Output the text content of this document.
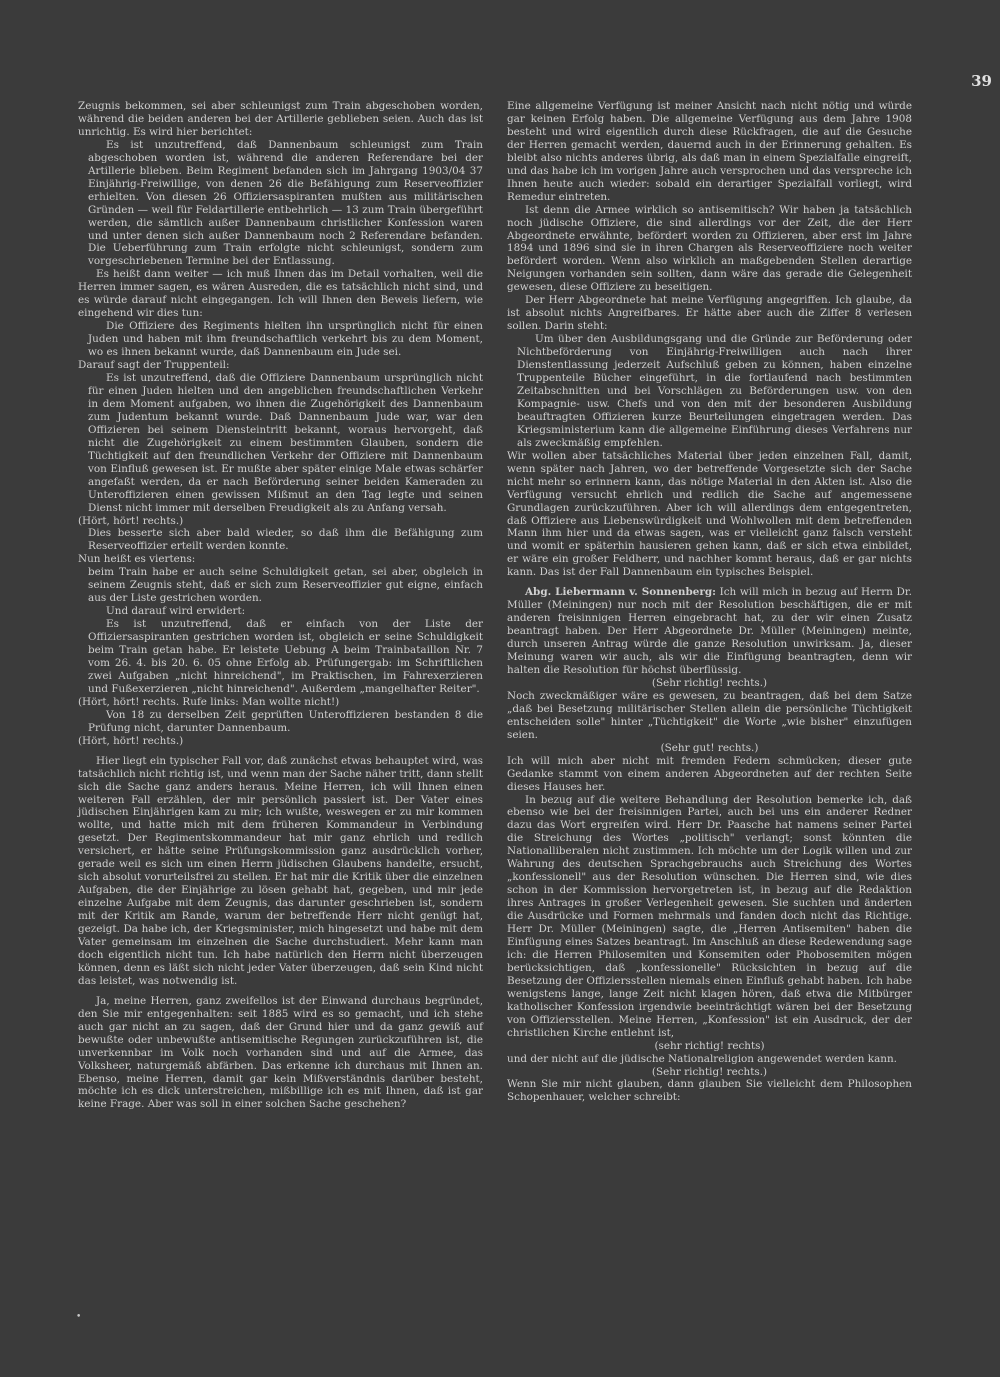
39

Zeugnis bekommen, sei aber schleunigst zum Train abgeschoben worden, während die beiden anderen bei der Artillerie geblieben seien. Auch das ist unrichtig. Es wird hier berichtet:

Es ist unzutreffend, daß Dannenbaum schleunigst zum Train abgeschoben worden ist, während die anderen Referendare bei der Artillerie blieben. Beim Regiment befanden sich im Jahrgang 1903/04 37 Einjährig-Freiwillige, von denen 26 die Befähigung zum Reserveoffizier erhielten. Von diesen 26 Offiziersaspiranten mußten aus militärischen Gründen — weil für Feldartillerie entbehrlich — 13 zum Train übergeführt werden, die sämtlich außer Dannenbaum christlicher Konfession waren und unter denen sich außer Dannenbaum noch 2 Referendare befanden. Die Ueberführung zum Train erfolgte nicht schleunigst, sondern zum vorgeschriebenen Termine bei der Entlassung.

Es heißt dann weiter — ich muß Ihnen das im Detail vorhalten, weil die Herren immer sagen, es wären Ausreden, die es tatsächlich nicht sind, und es würde darauf nicht eingegangen. Ich will Ihnen den Beweis liefern, wie eingehend wir dies tun:

Die Offiziere des Regiments hielten ihn ursprünglich nicht für einen Juden und haben mit ihm freundschaftlich verkehrt bis zu dem Moment, wo es ihnen bekannt wurde, daß Dannenbaum ein Jude sei.

Darauf sagt der Truppenteil:

Es ist unzutreffend, daß die Offiziere Dannenbaum ursprünglich nicht für einen Juden hielten und den angeblichen freundschaftlichen Verkehr in dem Moment aufgaben, wo ihnen die Zugehörigkeit des Dannenbaum zum Judentum bekannt wurde. Daß Dannenbaum Jude war, war den Offizieren bei seinem Diensteintritt bekannt, woraus hervorgeht, daß nicht die Zugehörigkeit zu einem bestimmten Glauben, sondern die Tüchtigkeit auf den freundlichen Verkehr der Offiziere mit Dannenbaum von Einfluß gewesen ist. Er mußte aber später einige Male etwas schärfer angefaßt werden, da er nach Beförderung seiner beiden Kameraden zu Unteroffizieren einen gewissen Mißmut an den Tag legte und seinen Dienst nicht immer mit derselben Freudigkeit als zu Anfang versah.

(Hört, hört! rechts.)

Dies besserte sich aber bald wieder, so daß ihm die Befähigung zum Reserveoffizier erteilt werden konnte.

Nun heißt es viertens:

beim Train habe er auch seine Schuldigkeit getan, sei aber, obgleich in seinem Zeugnis steht, daß er sich zum Reserveoffizier gut eigne, einfach aus der Liste gestrichen worden.

Und darauf wird erwidert:

Es ist unzutreffend, daß er einfach von der Liste der Offiziersaspiranten gestrichen worden ist, obgleich er seine Schuldigkeit beim Train getan habe. Er leistete Uebung A beim Trainbataillon Nr. 7 vom 26. 4. bis 20. 6. 05 ohne Erfolg ab. Prüfungergab: im Schriftlichen zwei Aufgaben „nicht hinreichend", im Praktischen, im Fahrexerzieren und Fußexerzieren „nicht hinreichend". Außerdem „mangelhafter Reiter".

(Hört, hört! rechts. Rufe links: Man wollte nicht!)

Von 18 zu derselben Zeit geprüften Unteroffizieren bestanden 8 die Prüfung nicht, darunter Dannenbaum.

(Hört, hört! rechts.)

Hier liegt ein typischer Fall vor, daß zunächst etwas behauptet wird, was tatsächlich nicht richtig ist, und wenn man der Sache näher tritt, dann stellt sich die Sache ganz anders heraus. Meine Herren, ich will Ihnen einen weiteren Fall erzählen, der mir persönlich passiert ist. Der Vater eines jüdischen Einjährigen kam zu mir; ich wußte, weswegen er zu mir kommen wollte, und hatte mich mit dem früheren Kommandeur in Verbindung gesetzt. Der Regimentskommandeur hat mir ganz ehrlich und redlich versichert, er hätte seine Prüfungskommission ganz ausdrücklich vorher, gerade weil es sich um einen Herrn jüdischen Glaubens handelte, ersucht, sich absolut vorurteilsfrei zu stellen. Er hat mir die Kritik über die einzelnen Aufgaben, die der Einjährige zu lösen gehabt hat, gegeben, und mir jede einzelne Aufgabe mit dem Zeugnis, das darunter geschrieben ist, sondern mit der Kritik am Rande, warum der betreffende Herr nicht genügt hat, gezeigt. Da habe ich, der Kriegsminister, mich hingesetzt und habe mit dem Vater gemeinsam im einzelnen die Sache durchstudiert. Mehr kann man doch eigentlich nicht tun. Ich habe natürlich den Herrn nicht überzeugen können, denn es läßt sich nicht jeder Vater überzeugen, daß sein Kind nicht das leistet, was notwendig ist.

Ja, meine Herren, ganz zweifellos ist der Einwand durchaus begründet, den Sie mir entgegenhalten: seit 1885 wird es so gemacht, und ich stehe auch gar nicht an zu sagen, daß der Grund hier und da ganz gewiß auf bewußte oder unbewußte antisemitische Regungen zurückzuführen ist, die unverkennbar im Volk noch vorhanden sind und auf die Armee, das Volksheer, naturgemäß abfärben. Das erkenne ich durchaus mit Ihnen an. Ebenso, meine Herren, damit gar kein Mißverständnis darüber besteht, möchte ich es dick unterstreichen, mißbillige ich es mit Ihnen, daß ist gar keine Frage. Aber was soll in einer solchen Sache geschehen?

Eine allgemeine Verfügung ist meiner Ansicht nach nicht nötig und würde gar keinen Erfolg haben. Die allgemeine Verfügung aus dem Jahre 1908 besteht und wird eigentlich durch diese Rückfragen, die auf die Gesuche der Herren gemacht werden, dauernd auch in der Erinnerung gehalten. Es bleibt also nichts anderes übrig, als daß man in einem Spezialfalle eingreift, und das habe ich im vorigen Jahre auch versprochen und das verspreche ich Ihnen heute auch wieder: sobald ein derartiger Spezialfall vorliegt, wird Remedur eintreten.

Ist denn die Armee wirklich so antisemitisch? Wir haben ja tatsächlich noch jüdische Offiziere, die sind allerdings vor der Zeit, die der Herr Abgeordnete erwähnte, befördert worden zu Offizieren, aber erst im Jahre 1894 und 1896 sind sie in ihren Chargen als Reserveoffiziere noch weiter befördert worden. Wenn also wirklich an maßgebenden Stellen derartige Neigungen vorhanden sein sollten, dann wäre das gerade die Gelegenheit gewesen, diese Offiziere zu beseitigen.

Der Herr Abgeordnete hat meine Verfügung angegriffen. Ich glaube, da ist absolut nichts Angreifbares. Er hätte aber auch die Ziffer 8 verlesen sollen. Darin steht:

Um über den Ausbildungsgang und die Gründe zur Beförderung oder Nichtbeförderung von Einjährig-Freiwilligen auch nach ihrer Dienstentlassung jederzeit Aufschluß geben zu können, haben einzelne Truppenteile Bücher eingeführt, in die fortlaufend nach bestimmten Zeitabschnitten und bei Vorschlägen zu Beförderungen usw. von den Kompagnie- usw. Chefs und von den mit der besonderen Ausbildung beauftragten Offizieren kurze Beurteilungen eingetragen werden. Das Kriegsministerium kann die allgemeine Einführung dieses Verfahrens nur als zweckmäßig empfehlen.

Wir wollen aber tatsächliches Material über jeden einzelnen Fall, damit, wenn später nach Jahren, wo der betreffende Vorgesetzte sich der Sache nicht mehr so erinnern kann, das nötige Material in den Akten ist. Also die Verfügung versucht ehrlich und redlich die Sache auf angemessene Grundlagen zurückzuführen. Aber ich will allerdings dem entgegentreten, daß Offiziere aus Liebenswürdigkeit und Wohlwollen mit dem betreffenden Mann ihm hier und da etwas sagen, was er vielleicht ganz falsch versteht und womit er späterhin hausieren gehen kann, daß er sich etwa einbildet, er wäre ein großer Feldherr, und nachher kommt heraus, daß er gar nichts kann. Das ist der Fall Dannenbaum ein typisches Beispiel.

Abg. Liebermann v. Sonnenberg: Ich will mich in bezug auf Herrn Dr. Müller (Meiningen) nur noch mit der Resolution beschäftigen, die er mit anderen freisinnigen Herren eingebracht hat, zu der wir einen Zusatz beantragt haben. Der Herr Abgeordnete Dr. Müller (Meiningen) meinte, durch unseren Antrag würde die ganze Resolution unwirksam. Ja, dieser Meinung waren wir auch, als wir die Einfügung beantragten, denn wir halten die Resolution für höchst überflüssig.

(Sehr richtig! rechts.)

Noch zweckmäßiger wäre es gewesen, zu beantragen, daß bei dem Satze „daß bei Besetzung militärischer Stellen allein die persönliche Tüchtigkeit entscheiden solle" hinter „Tüchtigkeit" die Worte „wie bisher" einzufügen seien.

(Sehr gut! rechts.)

Ich will mich aber nicht mit fremden Federn schmücken; dieser gute Gedanke stammt von einem anderen Abgeordneten auf der rechten Seite dieses Hauses her.

In bezug auf die weitere Behandlung der Resolution bemerke ich, daß ebenso wie bei der freisinnigen Partei, auch bei uns ein anderer Redner dazu das Wort ergreifen wird. Herr Dr. Paasche hat namens seiner Partei die Streichung des Wortes „politisch" verlangt; sonst könnten die Nationalliberalen nicht zustimmen. Ich möchte um der Logik willen und zur Wahrung des deutschen Sprachgebrauchs auch Streichung des Wortes „konfessionell" aus der Resolution wünschen. Die Herren sind, wie dies schon in der Kommission hervorgetreten ist, in bezug auf die Redaktion ihres Antrages in großer Verlegenheit gewesen. Sie suchten und änderten die Ausdrücke und Formen mehrmals und fanden doch nicht das Richtige. Herr Dr. Müller (Meiningen) sagte, die „Herren Antisemiten" haben die Einfügung eines Satzes beantragt. Im Anschluß an diese Redewendung sage ich: die Herren Philosemiten und Konsemiten oder Phobosemiten mögen berücksichtigen, daß „konfessionelle" Rücksichten in bezug auf die Besetzung der Offiziersstellen niemals einen Einfluß gehabt haben. Ich habe wenigstens lange, lange Zeit nicht klagen hören, daß etwa die Mitbürger katholischer Konfession irgendwie beeinträchtigt wären bei der Besetzung von Offiziersstellen. Meine Herren, „Konfession" ist ein Ausdruck, der der christlichen Kirche entlehnt ist,

(sehr richtig! rechts)

und der nicht auf die jüdische Nationalreligion angewendet werden kann.

(Sehr richtig! rechts.)

Wenn Sie mir nicht glauben, dann glauben Sie vielleicht dem Philosophen Schopenhauer, welcher schreibt:

•
